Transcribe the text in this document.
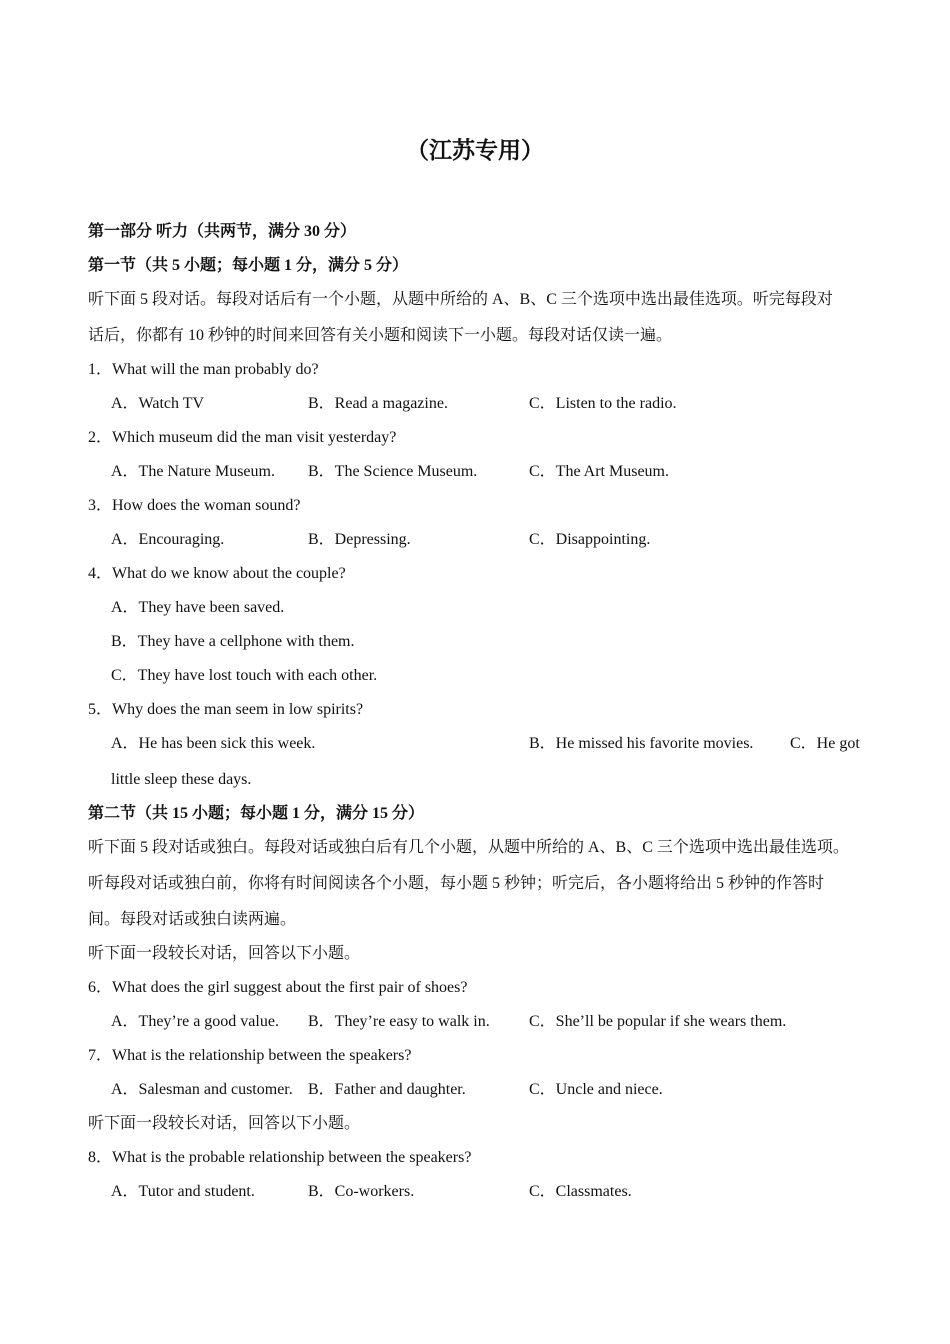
（江苏专用）
第一部分 听力（共两节，满分 30 分）
第一节（共 5 小题；每小题 1 分，满分 5 分）
听下面 5 段对话。每段对话后有一个小题，从题中所给的 A、B、C 三个选项中选出最佳选项。听完每段对
话后，你都有 10 秒钟的时间来回答有关小题和阅读下一小题。每段对话仅读一遍。
1．What will the man probably do?
A．Watch TV	B．Read a magazine.	C．Listen to the radio.
2．Which museum did the man visit yesterday?
A．The Nature Museum. B．The Science Museum.	C．The Art Museum.
3．How does the woman sound?
A．Encouraging.	B．Depressing.	C．Disappointing.
4．What do we know about the couple?
A．They have been saved.
B．They have a cellphone with them.
C．They have lost touch with each other.
5．Why does the man seem in low spirits?
A．He has been sick this week.	B．He missed his favorite movies. C．He got
little sleep these days.
第二节（共 15 小题；每小题 1 分，满分 15 分）
听下面 5 段对话或独白。每段对话或独白后有几个小题，从题中所给的 A、B、C 三个选项中选出最佳选项。
听每段对话或独白前，你将有时间阅读各个小题，每小题 5 秒钟；听完后，各小题将给出 5 秒钟的作答时
间。每段对话或独白读两遍。
听下面一段较长对话，回答以下小题。
6．What does the girl suggest about the first pair of shoes?
A．They’re a good value. B．They’re easy to walk in. C．She’ll be popular if she wears them.
7．What is the relationship between the speakers?
A．Salesman and customer. B．Father and daughter.	C．Uncle and niece.
听下面一段较长对话，回答以下小题。
8．What is the probable relationship between the speakers?
A．Tutor and student.	B．Co-workers.	C．Classmates.
